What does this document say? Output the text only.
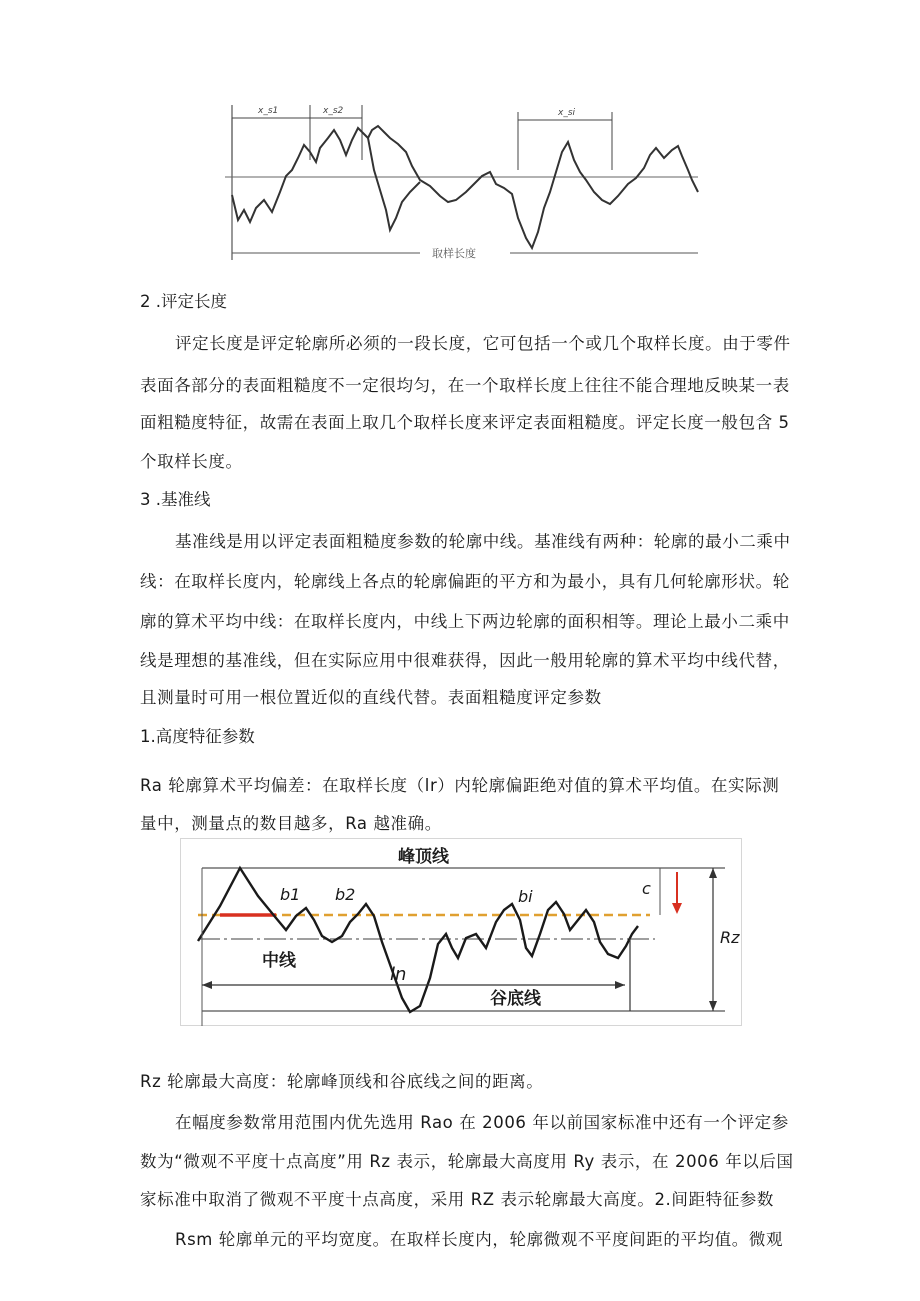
x_s1	x_s2	x_si
取样长度
2 .评定长度
评定长度是评定轮廓所必须的一段长度，它可包括一个或几个取样长度。由于零件
表面各部分的表面粗糙度不一定很均匀，在一个取样长度上往往不能合理地反映某一表
面粗糙度特征，故需在表面上取几个取样长度来评定表面粗糙度。评定长度一般包含 5
个取样长度。
3 .基准线
基准线是用以评定表面粗糙度参数的轮廓中线。基准线有两种：轮廓的最小二乘中
线：在取样长度内，轮廓线上各点的轮廓偏距的平方和为最小，具有几何轮廓形状。轮
廓的算术平均中线：在取样长度内，中线上下两边轮廓的面积相等。理论上最小二乘中
线是理想的基准线，但在实际应用中很难获得，因此一般用轮廓的算术平均中线代替，
且测量时可用一根位置近似的直线代替。表面粗糙度评定参数
1.高度特征参数
Ra 轮廓算术平均偏差：在取样长度（lr）内轮廓偏距绝对值的算术平均值。在实际测
量中，测量点的数目越多，Ra 越准确。
峰顶线
中线
谷底线
b1 b2	bi	c
Rz
ln
Rz 轮廓最大高度：轮廓峰顶线和谷底线之间的距离。
在幅度参数常用范围内优先选用 Rao 在 2006 年以前国家标准中还有一个评定参
数为“微观不平度十点高度”用 Rz 表示，轮廓最大高度用 Ry 表示，在 2006 年以后国
家标准中取消了微观不平度十点高度，采用 RZ 表示轮廓最大高度。2.间距特征参数
Rsm 轮廓单元的平均宽度。在取样长度内，轮廓微观不平度间距的平均值。微观
